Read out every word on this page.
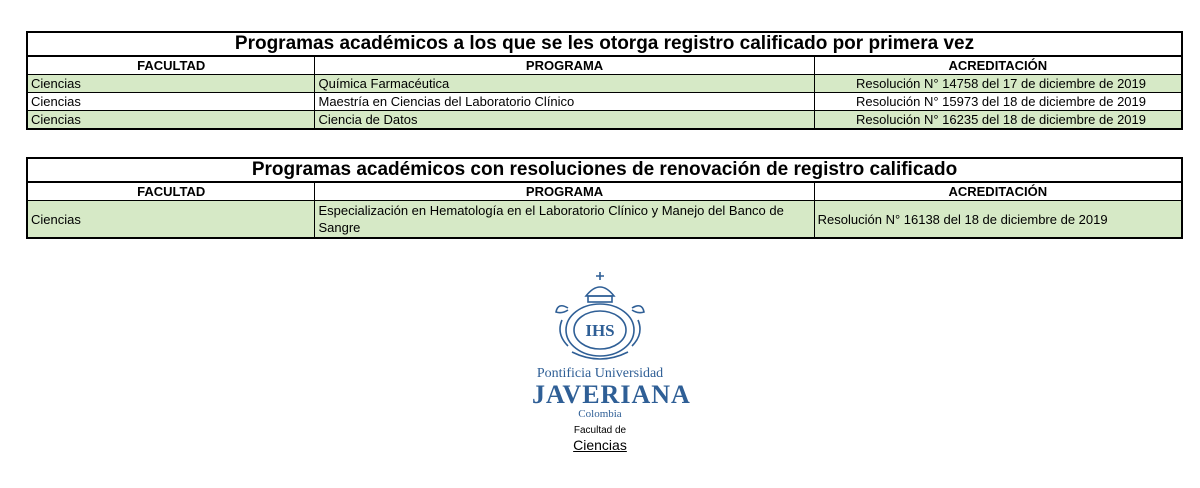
Programas académicos a los que se les otorga registro calificado por primera vez		
FACULTAD	PROGRAMA	ACREDITACIÓN
Ciencias	Química Farmacéutica	Resolución N° 14758 del 17 de diciembre de 2019
Ciencias	Maestría en Ciencias del Laboratorio Clínico	Resolución N° 15973 del 18 de diciembre de 2019
Ciencias	Ciencia de Datos	Resolución N° 16235 del 18 de diciembre de 2019
Programas académicos con resoluciones de renovación de registro calificado		
FACULTAD	PROGRAMA	ACREDITACIÓN
Ciencias	Especialización en Hematología en el Laboratorio Clínico y Manejo del Banco de Sangre	Resolución N° 16138 del 18 de diciembre de 2019
IHS
Pontificia Universidad
JAVERIANA
Colombia
Facultad de
Ciencias
